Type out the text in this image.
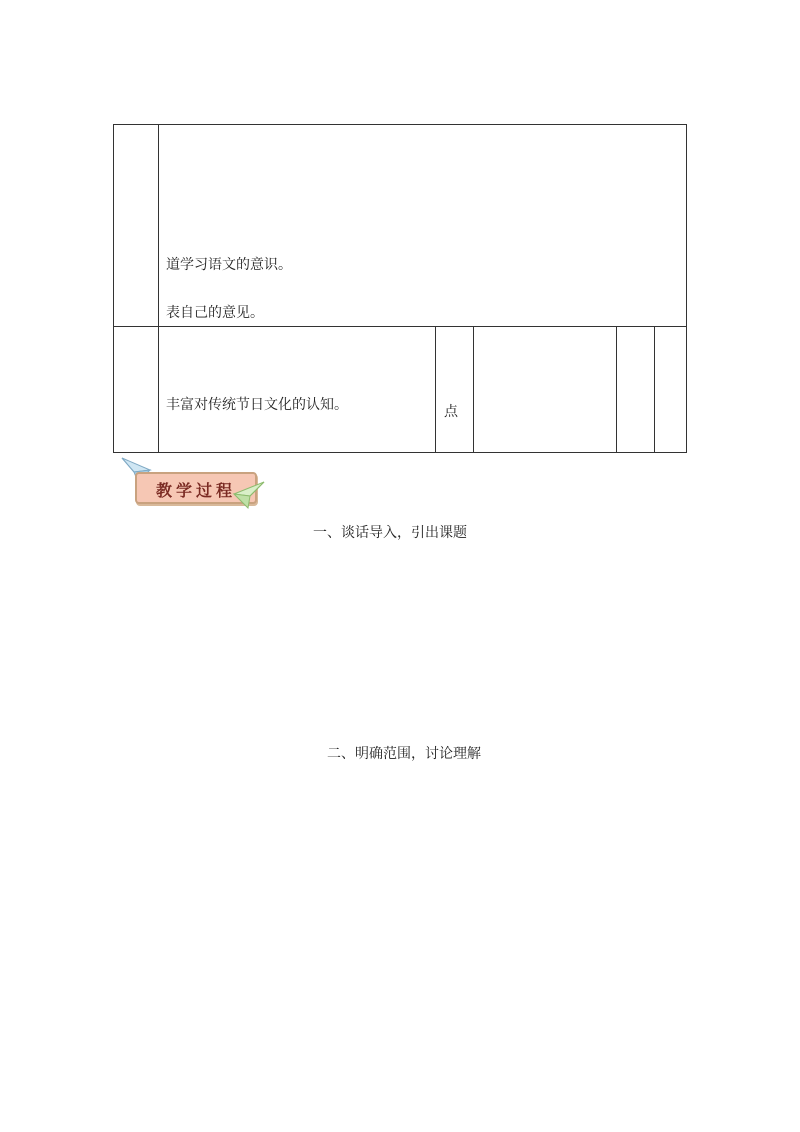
道学习语文的意识。
表自己的意见。
丰富对传统节日文化的认知。	点
教学过程
一、谈话导入，引出课题
二、明确范围，讨论理解
